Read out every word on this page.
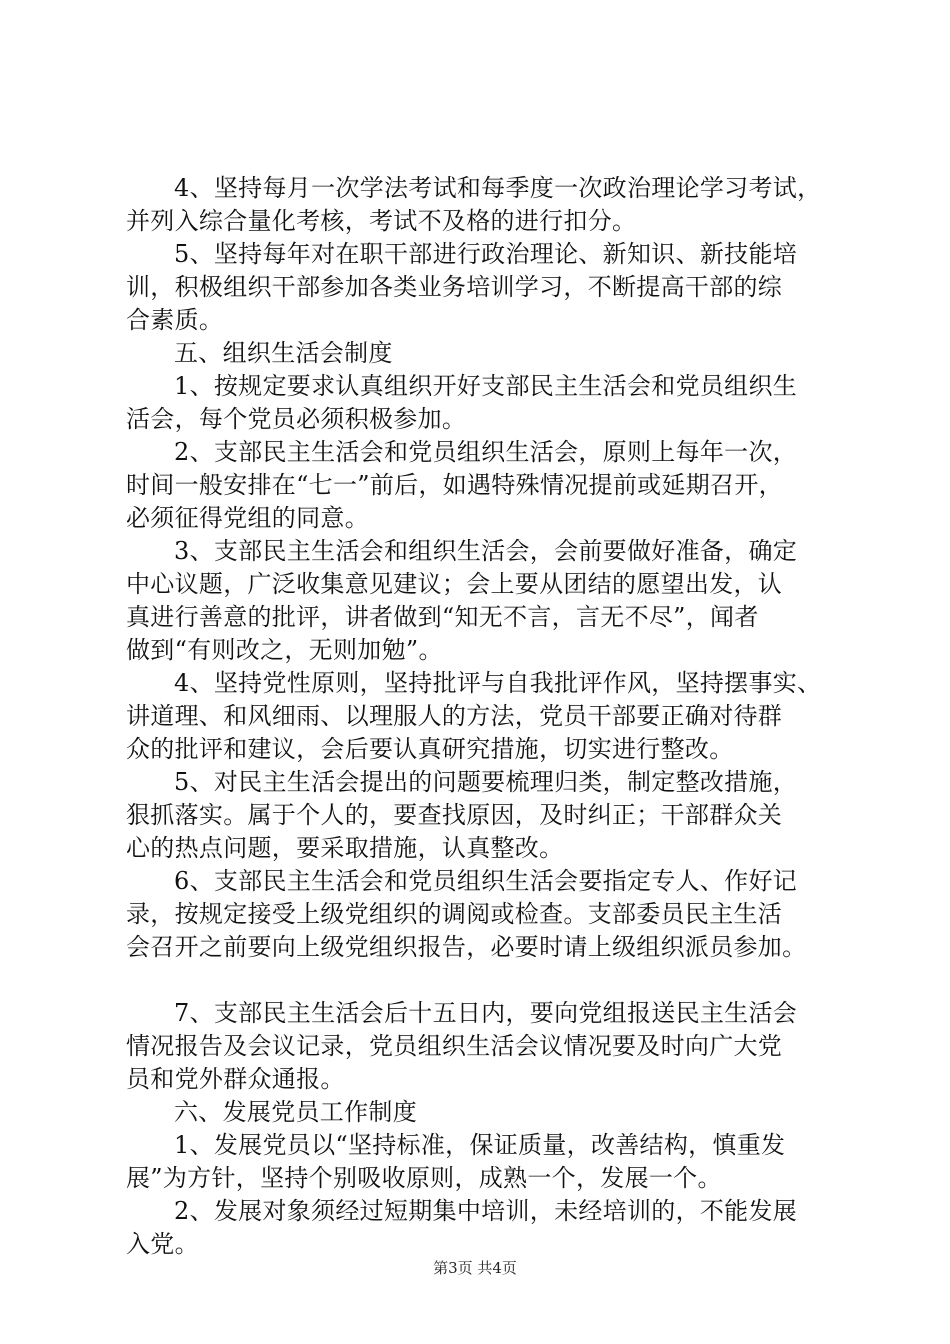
4、坚持每月一次学法考试和每季度一次政治理论学习考试，
并列入综合量化考核，考试不及格的进行扣分。
5、坚持每年对在职干部进行政治理论、新知识、新技能培
训，积极组织干部参加各类业务培训学习，不断提高干部的综
合素质。
五、组织生活会制度
1、按规定要求认真组织开好支部民主生活会和党员组织生
活会，每个党员必须积极参加。
2、支部民主生活会和党员组织生活会，原则上每年一次，
时间一般安排在“七一”前后，如遇特殊情况提前或延期召开，
必须征得党组的同意。
3、支部民主生活会和组织生活会，会前要做好准备，确定
中心议题，广泛收集意见建议；会上要从团结的愿望出发，认
真进行善意的批评，讲者做到“知无不言，言无不尽”，闻者
做到“有则改之，无则加勉”。
4、坚持党性原则，坚持批评与自我批评作风，坚持摆事实、
讲道理、和风细雨、以理服人的方法，党员干部要正确对待群
众的批评和建议，会后要认真研究措施，切实进行整改。
5、对民主生活会提出的问题要梳理归类，制定整改措施，
狠抓落实。属于个人的，要查找原因，及时纠正；干部群众关
心的热点问题，要采取措施，认真整改。
6、支部民主生活会和党员组织生活会要指定专人、作好记
录，按规定接受上级党组织的调阅或检查。支部委员民主生活
会召开之前要向上级党组织报告，必要时请上级组织派员参加。
7、支部民主生活会后十五日内，要向党组报送民主生活会
情况报告及会议记录，党员组织生活会议情况要及时向广大党
员和党外群众通报。
六、发展党员工作制度
1、发展党员以“坚持标准，保证质量，改善结构，慎重发
展”为方针，坚持个别吸收原则，成熟一个，发展一个。
2、发展对象须经过短期集中培训，未经培训的，不能发展
入党。
第3页 共4页
